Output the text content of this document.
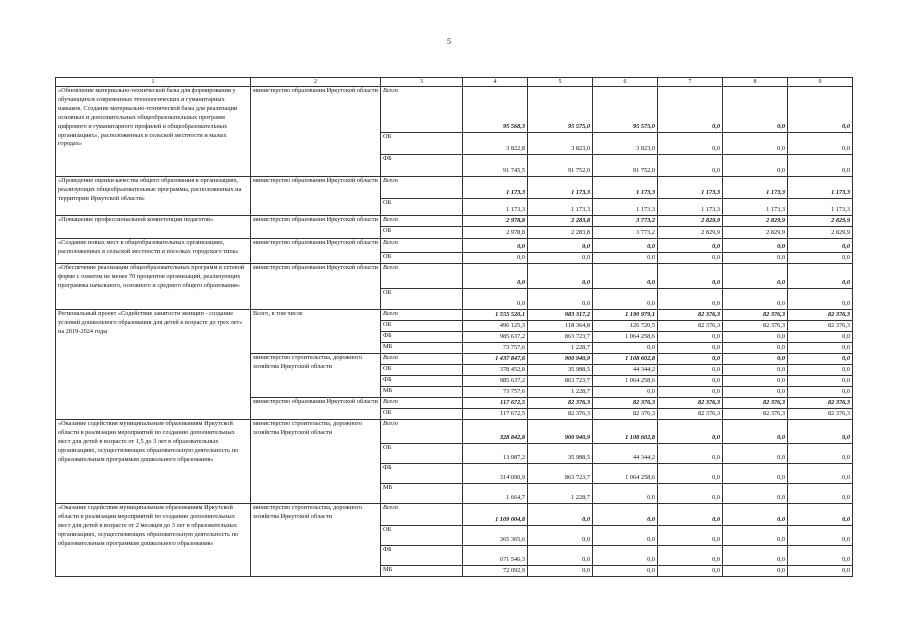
5
1	2	3	4	5	6	7	8	9
«Обновление материально-технической базы для формирования у обучающихся современных технологических и гуманитарных навыков. Создание материально-технической базы для реализации основных и дополнительных общеобразовательных программ цифрового и гуманитарного профилей в общеобразовательных организациях», расположенных в сельской местности и малых городах»	министерство образования Иркутской области	Всего	95 568,3	95 575,0	95 575,0	0,0	0,0	0,0
		ОБ	3 822,8	3 823,0	3 823,0	0,0	0,0	0,0
		ФБ	91 745,5	91 752,0	91 752,0	0,0	0,0	0,0
«Проведение оценки качества общего образования в организациях, реализующих общеобразовательные программы, расположенных на территории Иркутской области»	министерство образования Иркутской области	Всего	1 173,3	1 173,3	1 173,3	1 173,3	1 173,3	1 173,3
		ОБ	1 173,3	1 173,3	1 173,3	1 173,3	1 173,3	1 173,3
«Повышение профессиональной компетенции педагогов»	министерство образования Иркутской области	Всего	2 978,8	2 283,8	3 773,2	2 829,9	2 829,9	2 829,9
		ОБ	2 978,8	2 283,8	3 773,2	2 829,9	2 829,9	2 829,9
«Создание новых мест в общеобразовательных организациях, расположенных в сельской местности и поселках городского типа»	министерство образования Иркутской области	Всего	0,0	0,0	0,0	0,0	0,0	0,0
		ОБ	0,0	0,0	0,0	0,0	0,0	0,0
«Обеспечение реализации общеобразовательных программ в сетевой форме с охватом не менее 70 процентов организаций, реализующих программы начального, основного и среднего общего образования»	министерство образования Иркутской области	Всего	0,0	0,0	0,0	0,0	0,0	0,0
		ОБ	0,0	0,0	0,0	0,0	0,0	0,0
Региональный проект «Содействие занятости женщин - создание условий дошкольного образования для детей в возрасте до трех лет» на 2019-2024 годы	Всего, в том числе	Всего	1 555 520,1	983 317,2	1 190 979,1	82 376,3	82 376,3	82 376,3
		ОБ	496 125,3	118 364,8	126 720,5	82 376,3	82 376,3	82 376,3
		ФБ	985 637,2	863 723,7	1 064 258,6	0,0	0,0	0,0
		МБ	73 757,6	1 228,7	0,0	0,0	0,0	0,0
	министерство строительства, дорожного хозяйства Иркутской области	Всего	1 437 847,6	900 940,9	1 108 602,8	0,0	0,0	0,0
		ОБ	378 452,8	35 988,5	44 344,2	0,0	0,0	0,0
		ФБ	985 637,2	863 723,7	1 064 258,6	0,0	0,0	0,0
		МБ	73 757,6	1 228,7	0,0	0,0	0,0	0,0
	министерство образования Иркутской области	Всего	117 672,5	82 376,3	82 376,3	82 376,3	82 376,3	82 376,3
		ОБ	117 672,5	82 376,3	82 376,3	82 376,3	82 376,3	82 376,3
«Оказание содействия муниципальным образованиям Иркутской области в реализации мероприятий по созданию дополнительных мест для детей в возрасте от 1,5 до 3 лет в образовательных организациях, осуществляющих образовательную деятельность по образовательным программам дошкольного образования»	министерство строительства, дорожного хозяйства Иркутской области	Всего	328 842,8	900 940,9	1 108 602,8	0,0	0,0	0,0
		ОБ	13 087,2	35 988,5	44 344,2	0,0	0,0	0,0
		ФБ	314 090,9	863 723,7	1 064 258,6	0,0	0,0	0,0
		МБ	1 664,7	1 228,7	0,0	0,0	0,0	0,0
«Оказание содействия муниципальным образованиям Иркутской области в реализации мероприятий по созданию дополнительных мест для детей в возрасте от 2 месяцев до 3 лет в образовательных организациях, осуществляющих образовательную деятельность по образовательным программам дошкольного образования»	министерство строительства, дорожного хозяйства Иркутской области	Всего	1 109 004,8	0,0	0,0	0,0	0,0	0,0
		ОБ	365 365,6	0,0	0,0	0,0	0,0	0,0
		ФБ	671 546,3	0,0	0,0	0,0	0,0	0,0
		МБ	72 092,9	0,0	0,0	0,0	0,0	0,0
